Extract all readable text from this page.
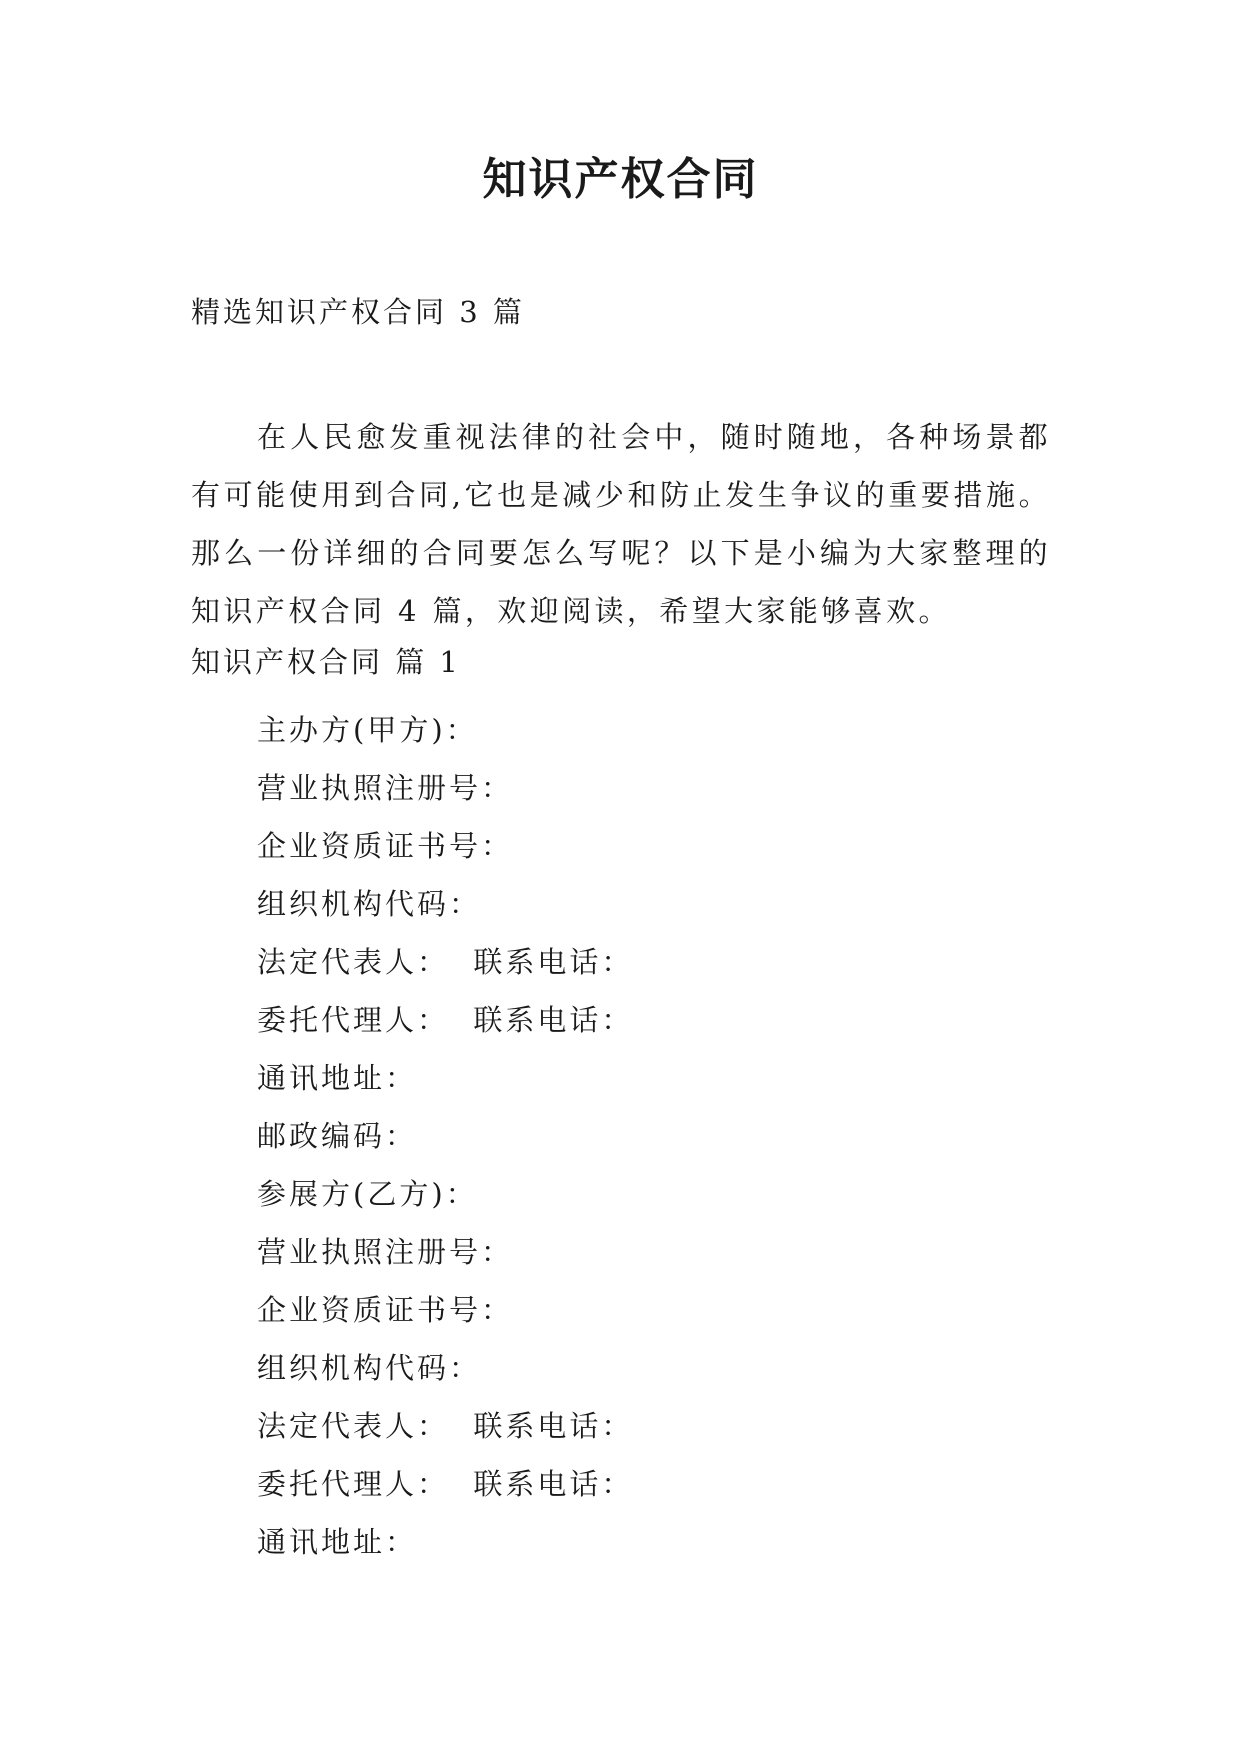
知识产权合同
精选知识产权合同 3 篇

在人民愈发重视法律的社会中，随时随地，各种场景都有可能使用到合同,它也是减少和防止发生争议的重要措施。那么一份详细的合同要怎么写呢？以下是小编为大家整理的知识产权合同 4 篇，欢迎阅读，希望大家能够喜欢。

知识产权合同 篇 1
主办方(甲方)：
营业执照注册号：
企业资质证书号：
组织机构代码：
法定代表人：  联系电话：
委托代理人：  联系电话：
通讯地址：
邮政编码：
参展方(乙方)：
营业执照注册号：
企业资质证书号：
组织机构代码：
法定代表人：  联系电话：
委托代理人：  联系电话：
通讯地址：
